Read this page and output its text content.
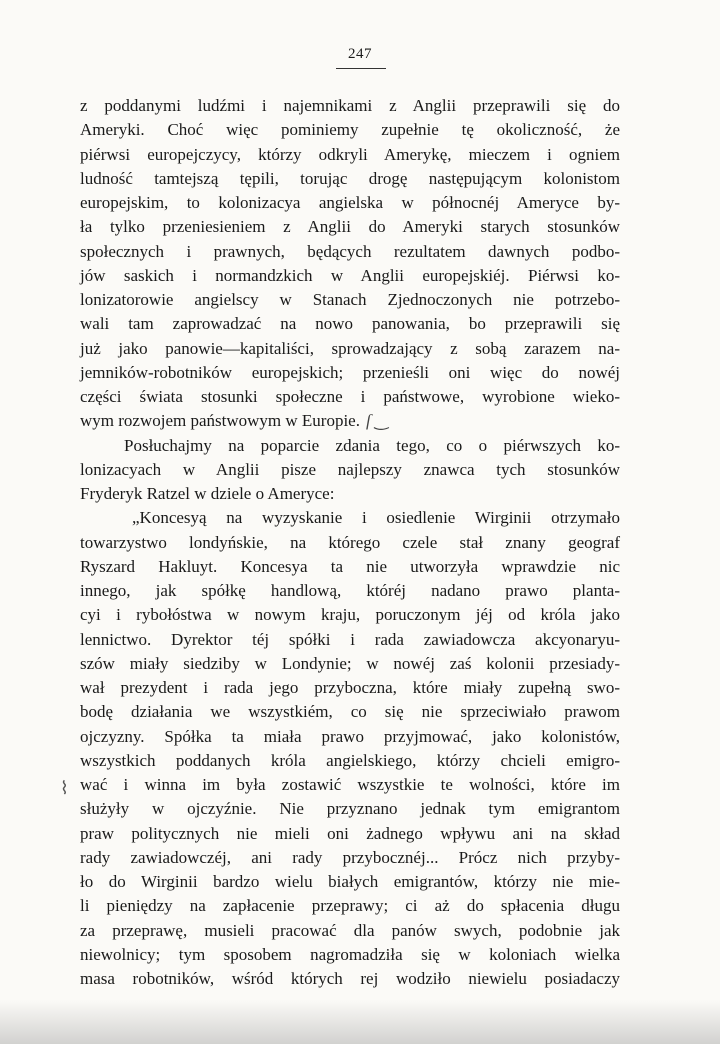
247
z poddanymi ludźmi i najemnikami z Anglii przeprawili się do
Ameryki. Choć więc pominiemy zupełnie tę okoliczność, że
piérwsi europejczycy, którzy odkryli Amerykę, mieczem i ogniem
ludność tamtejszą tępili, torując drogę następującym kolonistom
europejskim, to kolonizacya angielska w północnéj Ameryce by-
ła tylko przeniesieniem z Anglii do Ameryki starych stosunków
społecznych i prawnych, będących rezultatem dawnych podbo-
jów saskich i normandzkich w Anglii europejskiéj. Piérwsi ko-
lonizatorowie angielscy w Stanach Zjednoczonych nie potrzebo-
wali tam zaprowadzać na nowo panowania, bo przeprawili się
już jako panowie—kapitaliści, sprowadzający z sobą zarazem na-
jemników-robotników europejskich; przenieśli oni więc do nowéj
części świata stosunki społeczne i państwowe, wyrobione wieko-
wym rozwojem państwowym w Europie. ſ ‿
Posłuchajmy na poparcie zdania tego, co o piérwszych ko-
lonizacyach w Anglii pisze najlepszy znawca tych stosunków
Fryderyk Ratzel w dziele o Ameryce:
„Koncesyą na wyzyskanie i osiedlenie Wirginii otrzymało
towarzystwo londyńskie, na którego czele stał znany geograf
Ryszard Hakluyt. Koncesya ta nie utworzyła wprawdzie nic
innego, jak spółkę handlową, któréj nadano prawo planta-
cyi i rybołóstwa w nowym kraju, poruczonym jéj od króla jako
lennictwo. Dyrektor téj spółki i rada zawiadowcza akcyonaryu-
szów miały siedziby w Londynie; w nowéj zaś kolonii przesiady-
wał prezydent i rada jego przyboczna, które miały zupełną swo-
bodę działania we wszystkiém, co się nie sprzeciwiało prawom
ojczyzny. Spółka ta miała prawo przyjmować, jako kolonistów,
wszystkich poddanych króla angielskiego, którzy chcieli emigro-
wać i winna im była zostawić wszystkie te wolności, które im
służyły w ojczyźnie. Nie przyznano jednak tym emigrantom
praw politycznych nie mieli oni żadnego wpływu ani na skład
rady zawiadowczéj, ani rady przybocznéj... Prócz nich przyby-
ło do Wirginii bardzo wielu białych emigrantów, którzy nie mie-
li pieniędzy na zapłacenie przeprawy; ci aż do spłacenia długu
za przeprawę, musieli pracować dla panów swych, podobnie jak
niewolnicy; tym sposobem nagromadziła się w koloniach wielka
masa robotników, wśród których rej wodziło niewielu posiadaczy
⌇
